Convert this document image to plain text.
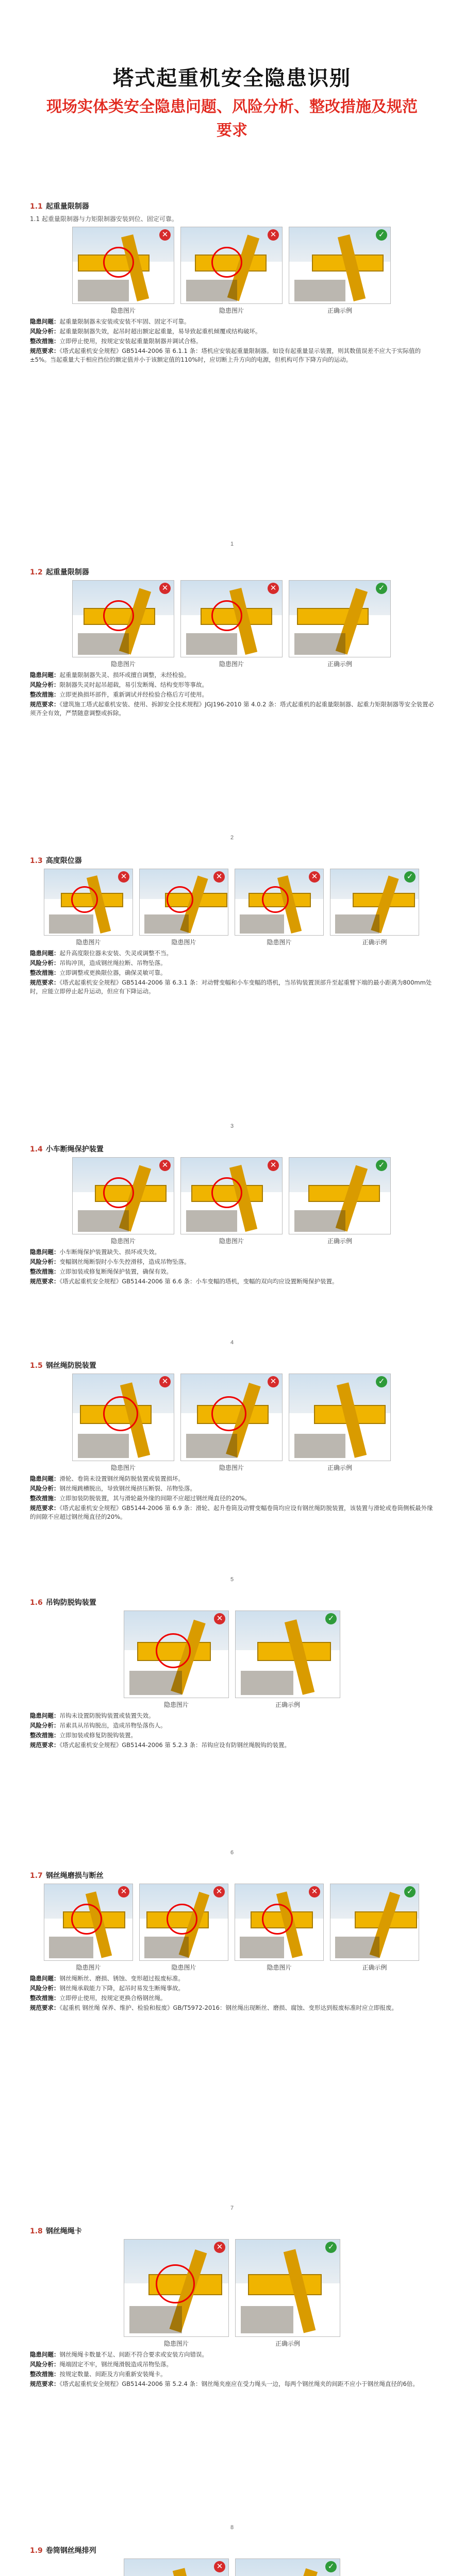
塔式起重机安全隐患识别
现场实体类安全隐患问题、风险分析、整改措施及规范要求
1.1 起重量限制器
1.1 起重量限制器与力矩限制器安装到位、固定可靠。
✕
隐患图片
✕
隐患图片
✓
正确示例

隐患问题：起重量限制器未安装或安装不牢固、固定不可靠。

风险分析：起重量限制器失效，起吊时超出额定起重量，易导致起重机倾覆或结构破坏。

整改措施：立即停止使用，按规定安装起重量限制器并调试合格。

规范要求：《塔式起重机安全规程》GB5144-2006 第 6.1.1 条：塔机应安装起重量限制器。如设有起重量显示装置，则其数值误差不应大于实际值的±5%。当起重量大于相应挡位的额定值并小于该额定值的110%时，应切断上升方向的电源，但机构可作下降方向的运动。

1
1.2 起重量限制器
✕
隐患图片
✕
隐患图片
✓
正确示例

隐患问题：起重量限制器失灵、损坏或擅自调整，未经检验。

风险分析：限制器失灵时起吊超载，易引发断绳、结构变形等事故。

整改措施：立即更换损坏部件，重新调试并经检验合格后方可使用。

规范要求：《建筑施工塔式起重机安装、使用、拆卸安全技术规程》JGJ196-2010 第 4.0.2 条：塔式起重机的起重量限制器、起重力矩限制器等安全装置必须齐全有效，严禁随意调整或拆除。

2
1.3 高度限位器
✕
隐患图片
✕
隐患图片
✕
隐患图片
✓
正确示例

隐患问题：起升高度限位器未安装、失灵或调整不当。

风险分析：吊钩冲顶，造成钢丝绳拉断、吊物坠落。

整改措施：立即调整或更换限位器，确保灵敏可靠。

规范要求：《塔式起重机安全规程》GB5144-2006 第 6.3.1 条：对动臂变幅和小车变幅的塔机，当吊钩装置顶部升至起重臂下端的最小距离为800mm处时，应能立即停止起升运动，但应有下降运动。

3
1.4 小车断绳保护装置
✕
隐患图片
✕
隐患图片
✓
正确示例

隐患问题：小车断绳保护装置缺失、损坏或失效。

风险分析：变幅钢丝绳断裂时小车失控滑移，造成吊物坠落。

整改措施：立即加装或修复断绳保护装置，确保有效。

规范要求：《塔式起重机安全规程》GB5144-2006 第 6.6 条：小车变幅的塔机，变幅的双向均应设置断绳保护装置。

4
1.5 钢丝绳防脱装置
✕
隐患图片
✕
隐患图片
✓
正确示例

隐患问题：滑轮、卷筒未设置钢丝绳防脱装置或装置损坏。

风险分析：钢丝绳跳槽脱出，导致钢丝绳挤压断裂、吊物坠落。

整改措施：立即加装防脱装置，其与滑轮最外缘的间隙不应超过钢丝绳直径的20%。

规范要求：《塔式起重机安全规程》GB5144-2006 第 6.9 条：滑轮、起升卷筒及动臂变幅卷筒均应设有钢丝绳防脱装置，该装置与滑轮或卷筒侧板最外缘的间隙不应超过钢丝绳直径的20%。

5
1.6 吊钩防脱钩装置
✕
隐患图片
✓
正确示例

隐患问题：吊钩未设置防脱钩装置或装置失效。

风险分析：吊索具从吊钩脱出，造成吊物坠落伤人。

整改措施：立即加装或修复防脱钩装置。

规范要求：《塔式起重机安全规程》GB5144-2006 第 5.2.3 条：吊钩应设有防钢丝绳脱钩的装置。

6
1.7 钢丝绳磨损与断丝
✕
隐患图片
✕
隐患图片
✕
隐患图片
✓
正确示例

隐患问题：钢丝绳断丝、磨损、锈蚀、变形超过报废标准。

风险分析：钢丝绳承载能力下降，起吊时易发生断绳事故。

整改措施：立即停止使用，按规定更换合格钢丝绳。

规范要求：《起重机 钢丝绳 保养、维护、检验和报废》GB/T5972-2016：钢丝绳出现断丝、磨损、腐蚀、变形达到报废标准时应立即报废。

7
1.8 钢丝绳绳卡
✕
隐患图片
✓
正确示例

隐患问题：钢丝绳绳卡数量不足、间距不符合要求或安装方向错误。

风险分析：绳端固定不牢，钢丝绳滑脱造成吊物坠落。

整改措施：按规定数量、间距及方向重新安装绳卡。

规范要求：《塔式起重机安全规程》GB5144-2006 第 5.2.4 条：钢丝绳夹座应在受力绳头一边，每两个钢丝绳夹的间距不应小于钢丝绳直径的6倍。

8
1.9 卷筒钢丝绳排列
✕	✓
